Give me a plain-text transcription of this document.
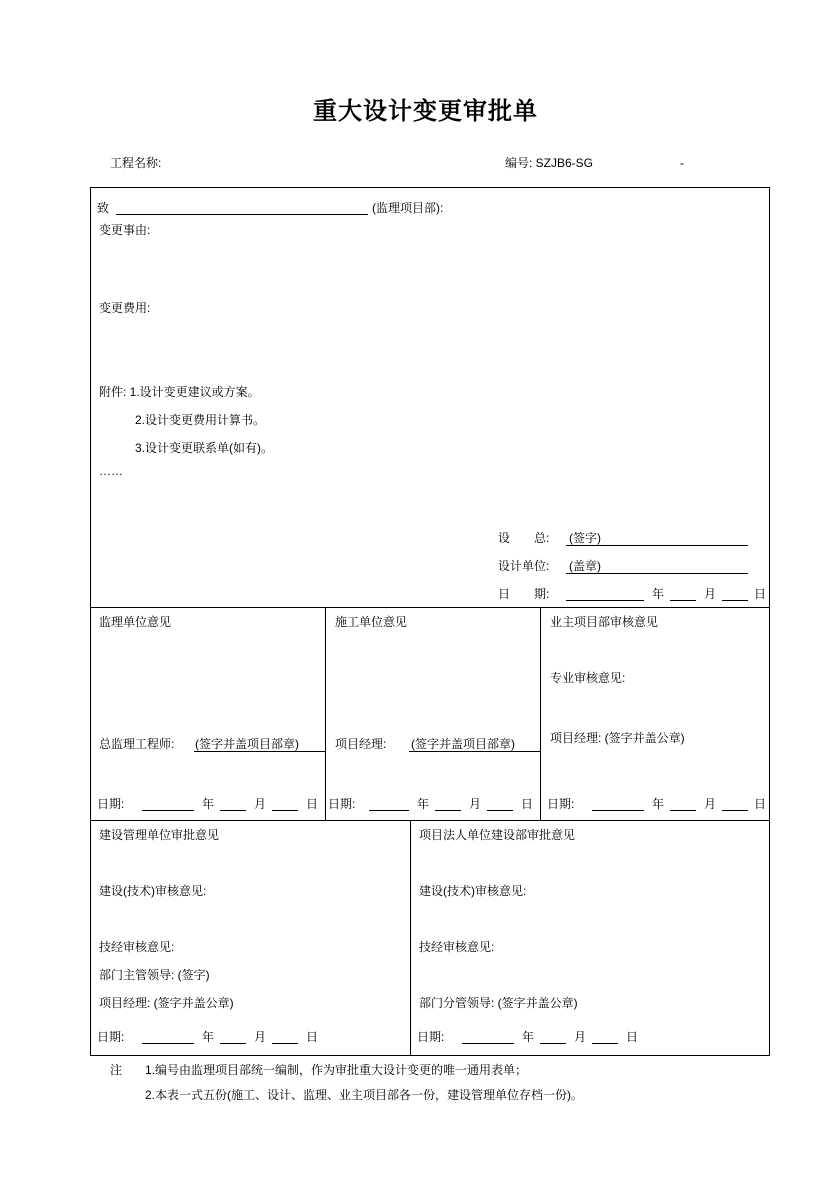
重大设计变更审批单
工程名称:	编号: SZJB6-SG	-
致	(监理项目部):
变更事由:
变更费用:
附件: 1.设计变更建议或方案。
2.设计变更费用计算书。
3.设计变更联系单(如有)。
……
设　　总: (签字)
设计单位: (盖章)
日　　期:	年	月	日
监理单位意见
总监理工程师: (签字并盖项目部章)
施工单位意见
项目经理: (签字并盖项目部章)
业主项目部审核意见
专业审核意见:
项目经理: (签字并盖公章)
日期:	年	月	日 日期:	年	月	日 日期:	年	月	日
建设管理单位审批意见
建设(技术)审核意见:
技经审核意见:
部门主管领导: (签字)
项目经理: (签字并盖公章)
项目法人单位建设部审批意见
建设(技术)审核意见:
技经审核意见:
部门分管领导: (签字并盖公章)
日期:	年	月	日	日期:	年	月	日
注 1.编号由监理项目部统一编制，作为审批重大设计变更的唯一通用表单；
2.本表一式五份(施工、设计、监理、业主项目部各一份，建设管理单位存档一份)。
